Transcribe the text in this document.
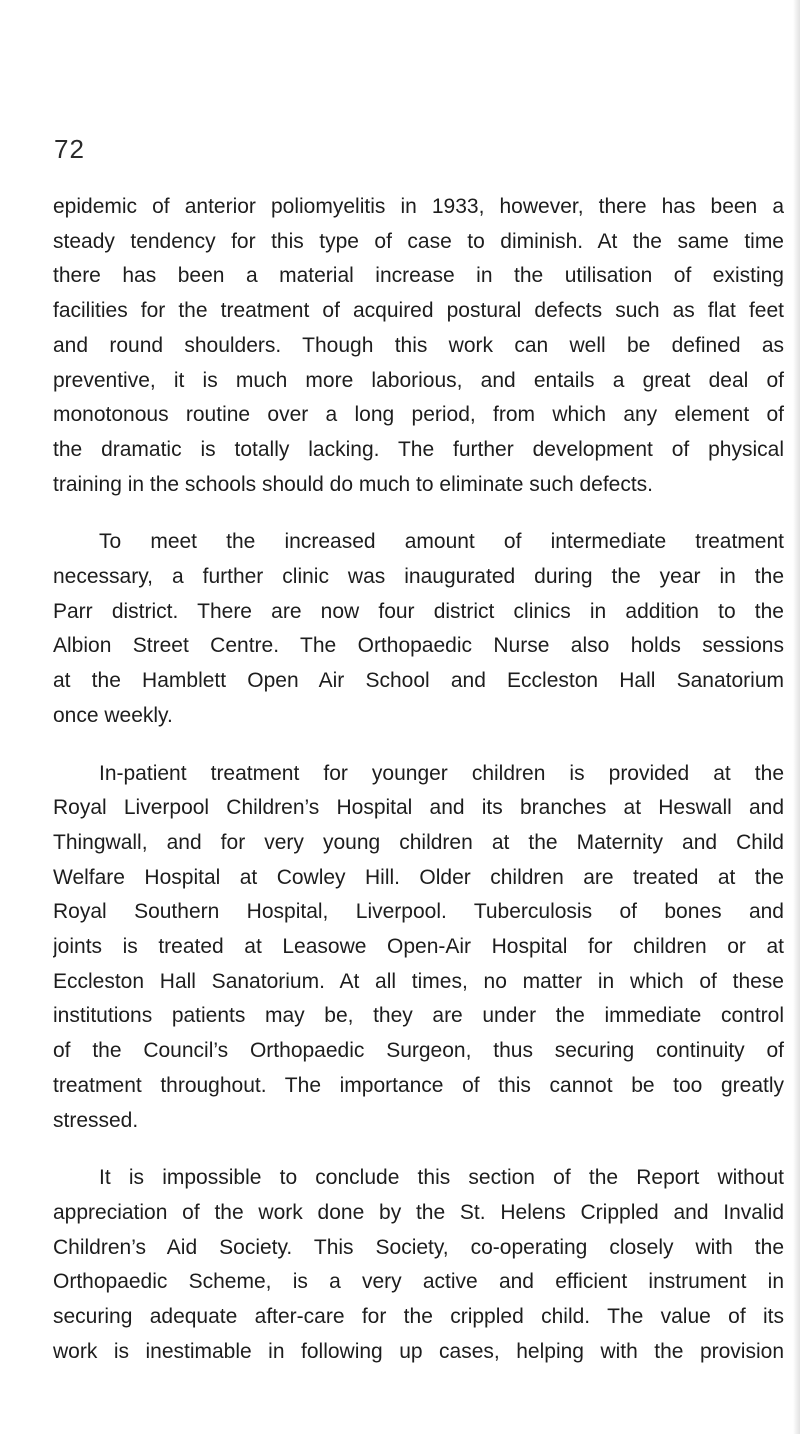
72
epidemic of anterior poliomyelitis in 1933, however, there has been a
steady tendency for this type of case to diminish. At the same time
there has been a material increase in the utilisation of existing
facilities for the treatment of acquired postural defects such as flat feet
and round shoulders. Though this work can well be defined as
preventive, it is much more laborious, and entails a great deal of
monotonous routine over a long period, from which any element of
the dramatic is totally lacking. The further development of physical
training in the schools should do much to eliminate such defects.
To meet the increased amount of intermediate treatment
necessary, a further clinic was inaugurated during the year in the
Parr district. There are now four district clinics in addition to the
Albion Street Centre. The Orthopaedic Nurse also holds sessions
at the Hamblett Open Air School and Eccleston Hall Sanatorium
once weekly.
In-patient treatment for younger children is provided at the
Royal Liverpool Children’s Hospital and its branches at Heswall and
Thingwall, and for very young children at the Maternity and Child
Welfare Hospital at Cowley Hill. Older children are treated at the
Royal Southern Hospital, Liverpool. Tuberculosis of bones and
joints is treated at Leasowe Open-Air Hospital for children or at
Eccleston Hall Sanatorium. At all times, no matter in which of these
institutions patients may be, they are under the immediate control
of the Council’s Orthopaedic Surgeon, thus securing continuity of
treatment throughout. The importance of this cannot be too greatly
stressed.
It is impossible to conclude this section of the Report without
appreciation of the work done by the St. Helens Crippled and Invalid
Children’s Aid Society. This Society, co-operating closely with the
Orthopaedic Scheme, is a very active and efficient instrument in
securing adequate after-care for the crippled child. The value of its
work is inestimable in following up cases, helping with the provision
